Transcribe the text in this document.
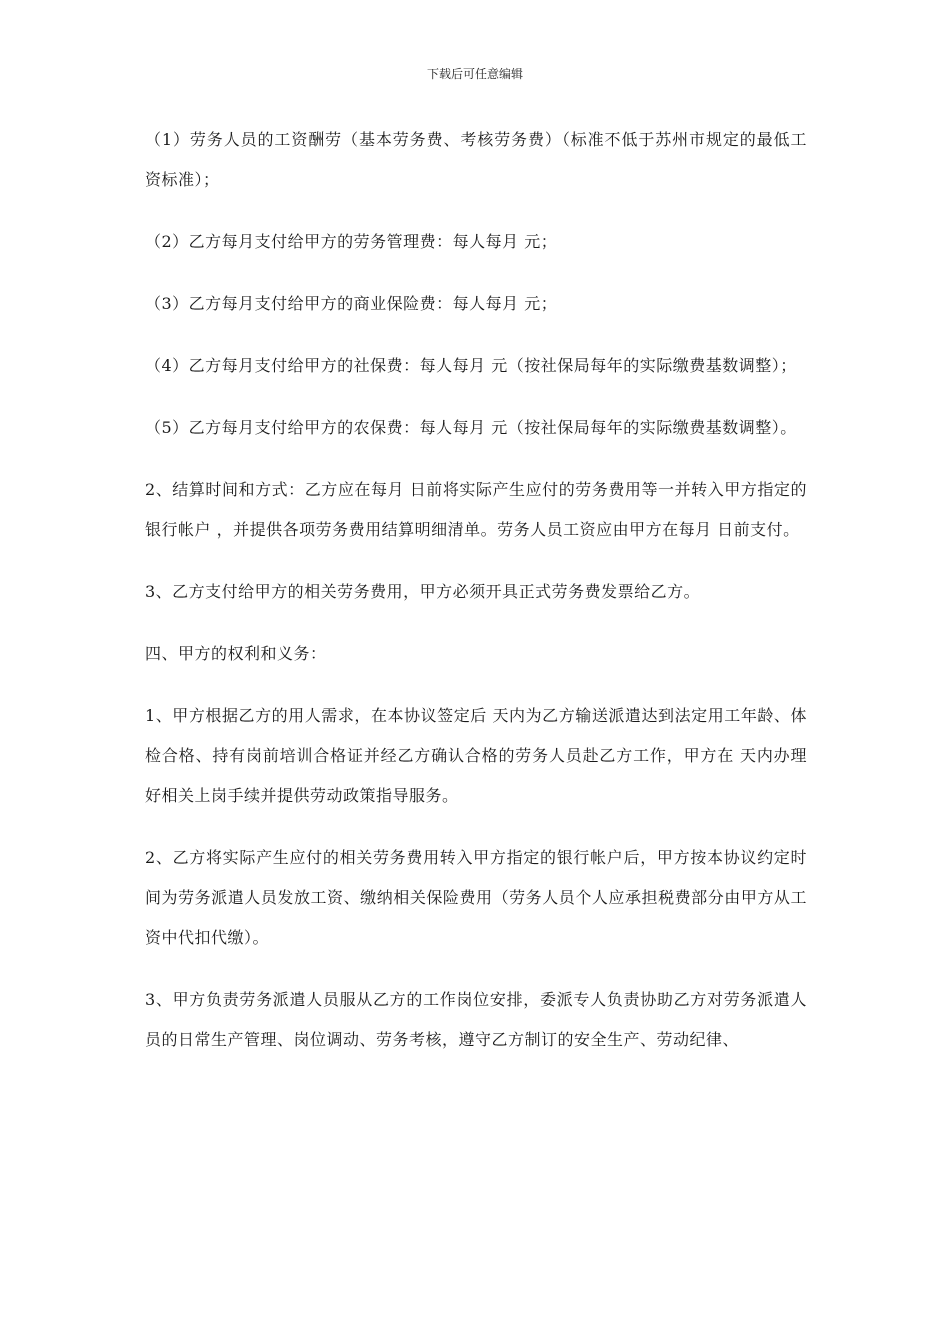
下载后可任意编辑

（1）劳务人员的工资酬劳（基本劳务费、考核劳务费）（标准不低于苏州市规定的最低工资标准）；

（2）乙方每月支付给甲方的劳务管理费：每人每月 元；

（3）乙方每月支付给甲方的商业保险费：每人每月 元；

（4）乙方每月支付给甲方的社保费：每人每月 元（按社保局每年的实际缴费基数调整）；

（5）乙方每月支付给甲方的农保费：每人每月 元（按社保局每年的实际缴费基数调整）。

2、结算时间和方式：乙方应在每月 日前将实际产生应付的劳务费用等一并转入甲方指定的银行帐户 ，并提供各项劳务费用结算明细清单。劳务人员工资应由甲方在每月 日前支付。

3、乙方支付给甲方的相关劳务费用，甲方必须开具正式劳务费发票给乙方。

四、甲方的权利和义务：

1、甲方根据乙方的用人需求，在本协议签定后 天内为乙方输送派遣达到法定用工年龄、体检合格、持有岗前培训合格证并经乙方确认合格的劳务人员赴乙方工作，甲方在 天内办理好相关上岗手续并提供劳动政策指导服务。

2、乙方将实际产生应付的相关劳务费用转入甲方指定的银行帐户后，甲方按本协议约定时间为劳务派遣人员发放工资、缴纳相关保险费用（劳务人员个人应承担税费部分由甲方从工资中代扣代缴）。

3、甲方负责劳务派遣人员服从乙方的工作岗位安排，委派专人负责协助乙方对劳务派遣人员的日常生产管理、岗位调动、劳务考核，遵守乙方制订的安全生产、劳动纪律、
